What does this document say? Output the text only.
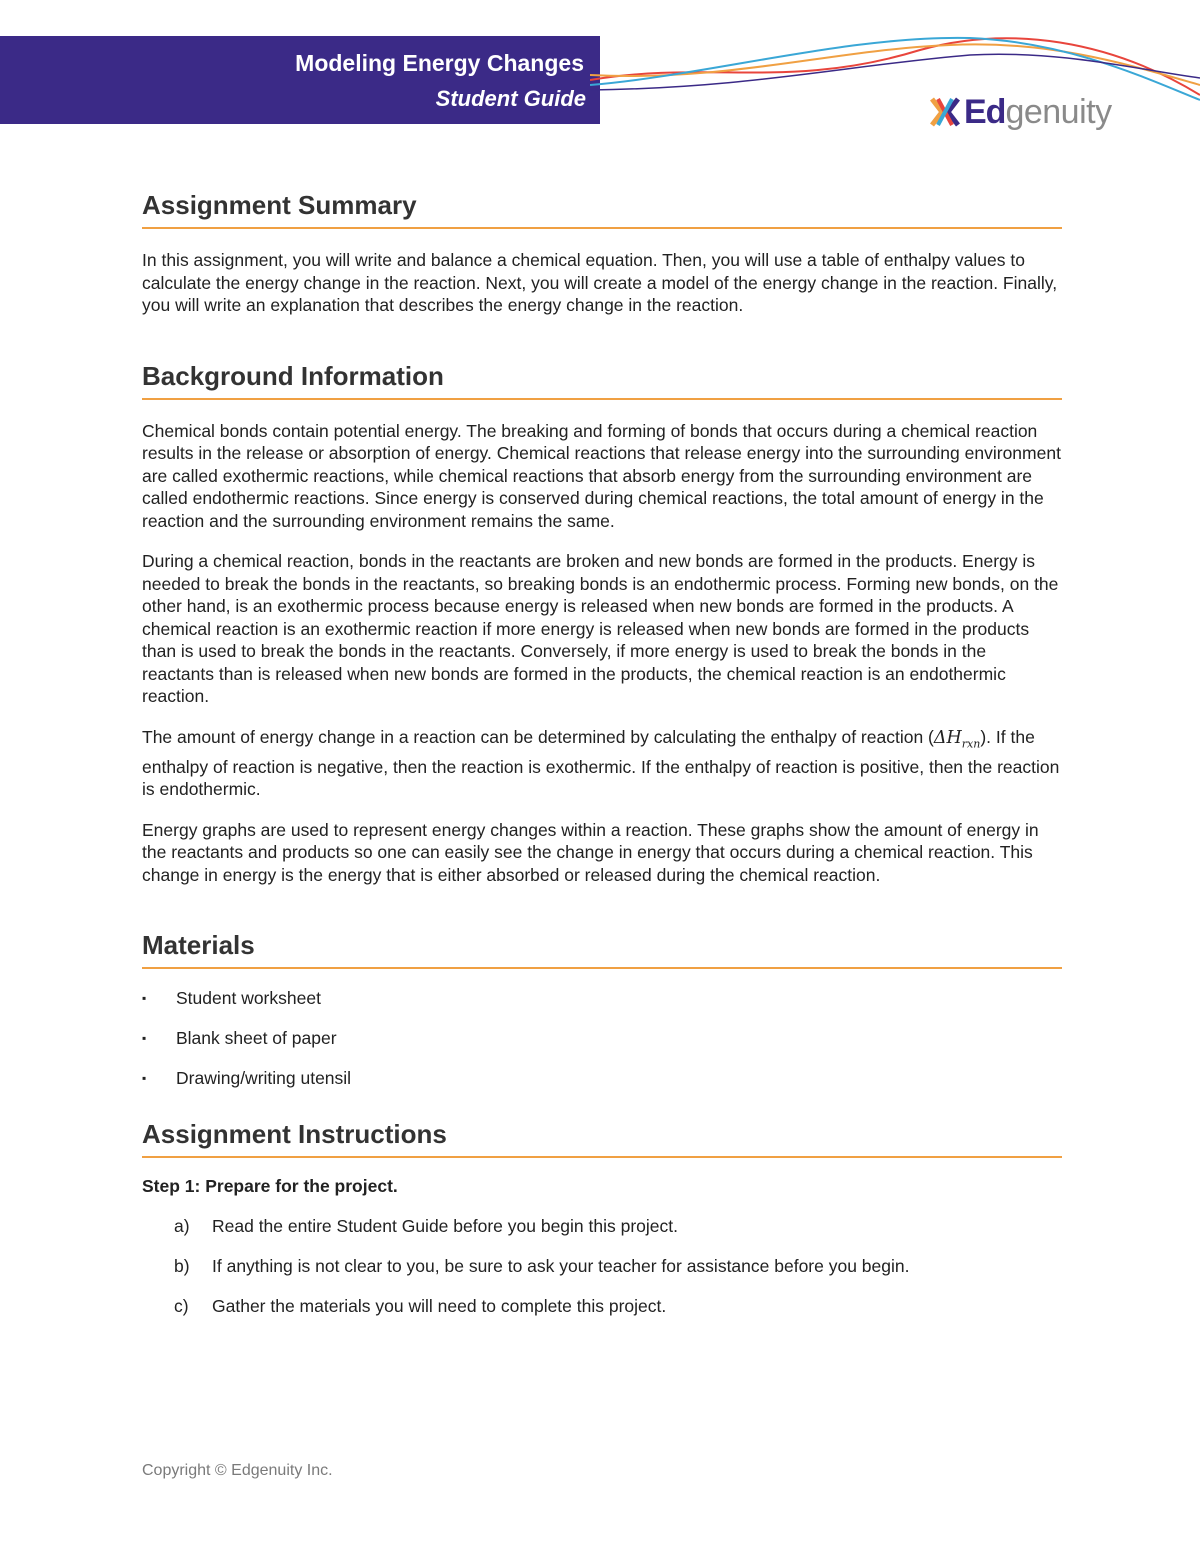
Modeling Energy Changes
Student Guide	Ed genuity
Assignment Summary

In this assignment, you will write and balance a chemical equation. Then, you will use a table of enthalpy values to calculate the energy change in the reaction. Next, you will create a model of the energy change in the reaction. Finally, you will write an explanation that describes the energy change in the reaction.

Background Information

Chemical bonds contain potential energy. The breaking and forming of bonds that occurs during a chemical reaction results in the release or absorption of energy. Chemical reactions that release energy into the surrounding environment are called exothermic reactions, while chemical reactions that absorb energy from the surrounding environment are called endothermic reactions. Since energy is conserved during chemical reactions, the total amount of energy in the reaction and the surrounding environment remains the same.

During a chemical reaction, bonds in the reactants are broken and new bonds are formed in the products. Energy is needed to break the bonds in the reactants, so breaking bonds is an endothermic process. Forming new bonds, on the other hand, is an exothermic process because energy is released when new bonds are formed in the products. A chemical reaction is an exothermic reaction if more energy is released when new bonds are formed in the products than is used to break the bonds in the reactants. Conversely, if more energy is used to break the bonds in the reactants than is released when new bonds are formed in the products, the chemical reaction is an endothermic reaction.

The amount of energy change in a reaction can be determined by calculating the enthalpy of reaction $(\Delta H_{rxn})$. If the enthalpy of reaction is negative, then the reaction is exothermic. If the enthalpy of reaction is positive, then the reaction is endothermic.

Energy graphs are used to represent energy changes within a reaction. These graphs show the amount of energy in the reactants and products so one can easily see the change in energy that occurs during a chemical reaction. This change in energy is the energy that is either absorbed or released during the chemical reaction.

Materials
▪ Student worksheet
▪ Blank sheet of paper
▪ Drawing/writing utensil
Assignment Instructions

Step 1: Prepare for the project.

a) Read the entire Student Guide before you begin this project.
b) If anything is not clear to you, be sure to ask your teacher for assistance before you begin.
c) Gather the materials you will need to complete this project.
Copyright © Edgenuity Inc.
